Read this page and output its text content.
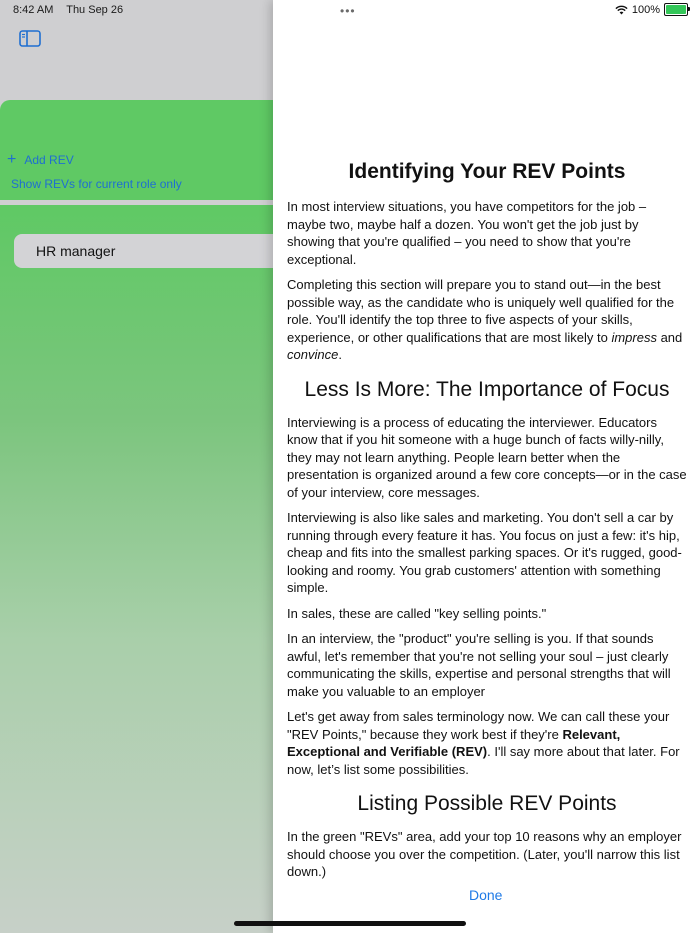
8:42 AM Thu Sep 26
+ Add REV
Show REVs for current role only
HR manager
•••	100%
Identifying Your REV Points

In most interview situations, you have competitors for the job – maybe two, maybe half a dozen. You won't get the job just by showing that you're qualified – you need to show that you're exceptional.

Completing this section will prepare you to stand out—in the best possible way, as the candidate who is uniquely well qualified for the role. You'll identify the top three to five aspects of your skills, experience, or other qualifications that are most likely to impress and convince.

Less Is More: The Importance of Focus

Interviewing is a process of educating the interviewer. Educators know that if you hit someone with a huge bunch of facts willy-nilly, they may not learn anything. People learn better when the presentation is organized around a few core concepts—or in the case of your interview, core messages.

Interviewing is also like sales and marketing. You don't sell a car by running through every feature it has. You focus on just a few: it's hip, cheap and fits into the smallest parking spaces. Or it's rugged, good-looking and roomy. You grab customers' attention with something simple.

In sales, these are called "key selling points."

In an interview, the "product" you're selling is you. If that sounds awful, let's remember that you're not selling your soul – just clearly communicating the skills, expertise and personal strengths that will make you valuable to an employer

Let's get away from sales terminology now. We can call these your "REV Points," because they work best if they're Relevant, Exceptional and Verifiable (REV). I'll say more about that later. For now, let’s list some possibilities.

Listing Possible REV Points

In the green "REVs" area, add your top 10 reasons why an employer should choose you over the competition. (Later, you'll narrow this list down.)

Done
